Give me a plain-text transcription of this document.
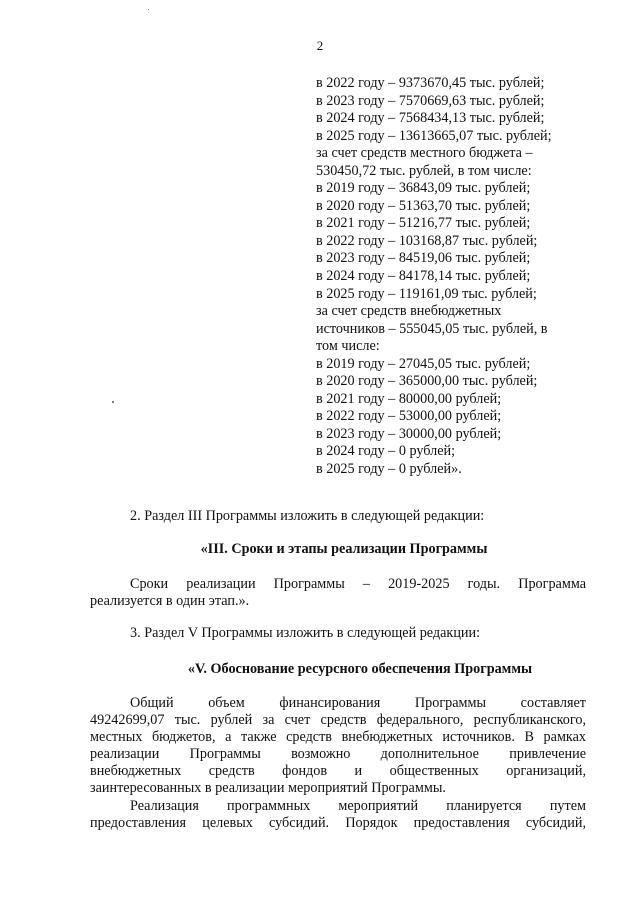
2
в 2022 году – 9373670,45 тыс. рублей;
в 2023 году – 7570669,63 тыс. рублей;
в 2024 году – 7568434,13 тыс. рублей;
в 2025 году – 13613665,07 тыс. рублей;
за счет средств местного бюджета –
530450,72 тыс. рублей, в том числе:
в 2019 году – 36843,09 тыс. рублей;
в 2020 году – 51363,70 тыс. рублей;
в 2021 году – 51216,77 тыс. рублей;
в 2022 году – 103168,87 тыс. рублей;
в 2023 году – 84519,06 тыс. рублей;
в 2024 году – 84178,14 тыс. рублей;
в 2025 году – 119161,09 тыс. рублей;
за счет средств внебюджетных
источников – 555045,05 тыс. рублей, в
том числе:
в 2019 году – 27045,05 тыс. рублей;
в 2020 году – 365000,00 тыс. рублей;
в 2021 году – 80000,00 рублей;
в 2022 году – 53000,00 рублей;
в 2023 году – 30000,00 рублей;
в 2024 году – 0 рублей;
в 2025 году – 0 рублей».
2. Раздел III Программы изложить в следующей редакции:
«III. Сроки и этапы реализации Программы
Сроки реализации Программы – 2019-2025 годы. Программа
реализуется в один этап.».
3. Раздел V Программы изложить в следующей редакции:
«V. Обоснование ресурсного обеспечения Программы
Общий объем финансирования Программы составляет
49242699,07 тыс. рублей за счет средств федерального, республиканского,
местных бюджетов, а также средств внебюджетных источников. В рамках
реализации Программы возможно дополнительное привлечение
внебюджетных средств фондов и общественных организаций,
заинтересованных в реализации мероприятий Программы.
Реализация программных мероприятий планируется путем
предоставления целевых субсидий. Порядок предоставления субсидий,
